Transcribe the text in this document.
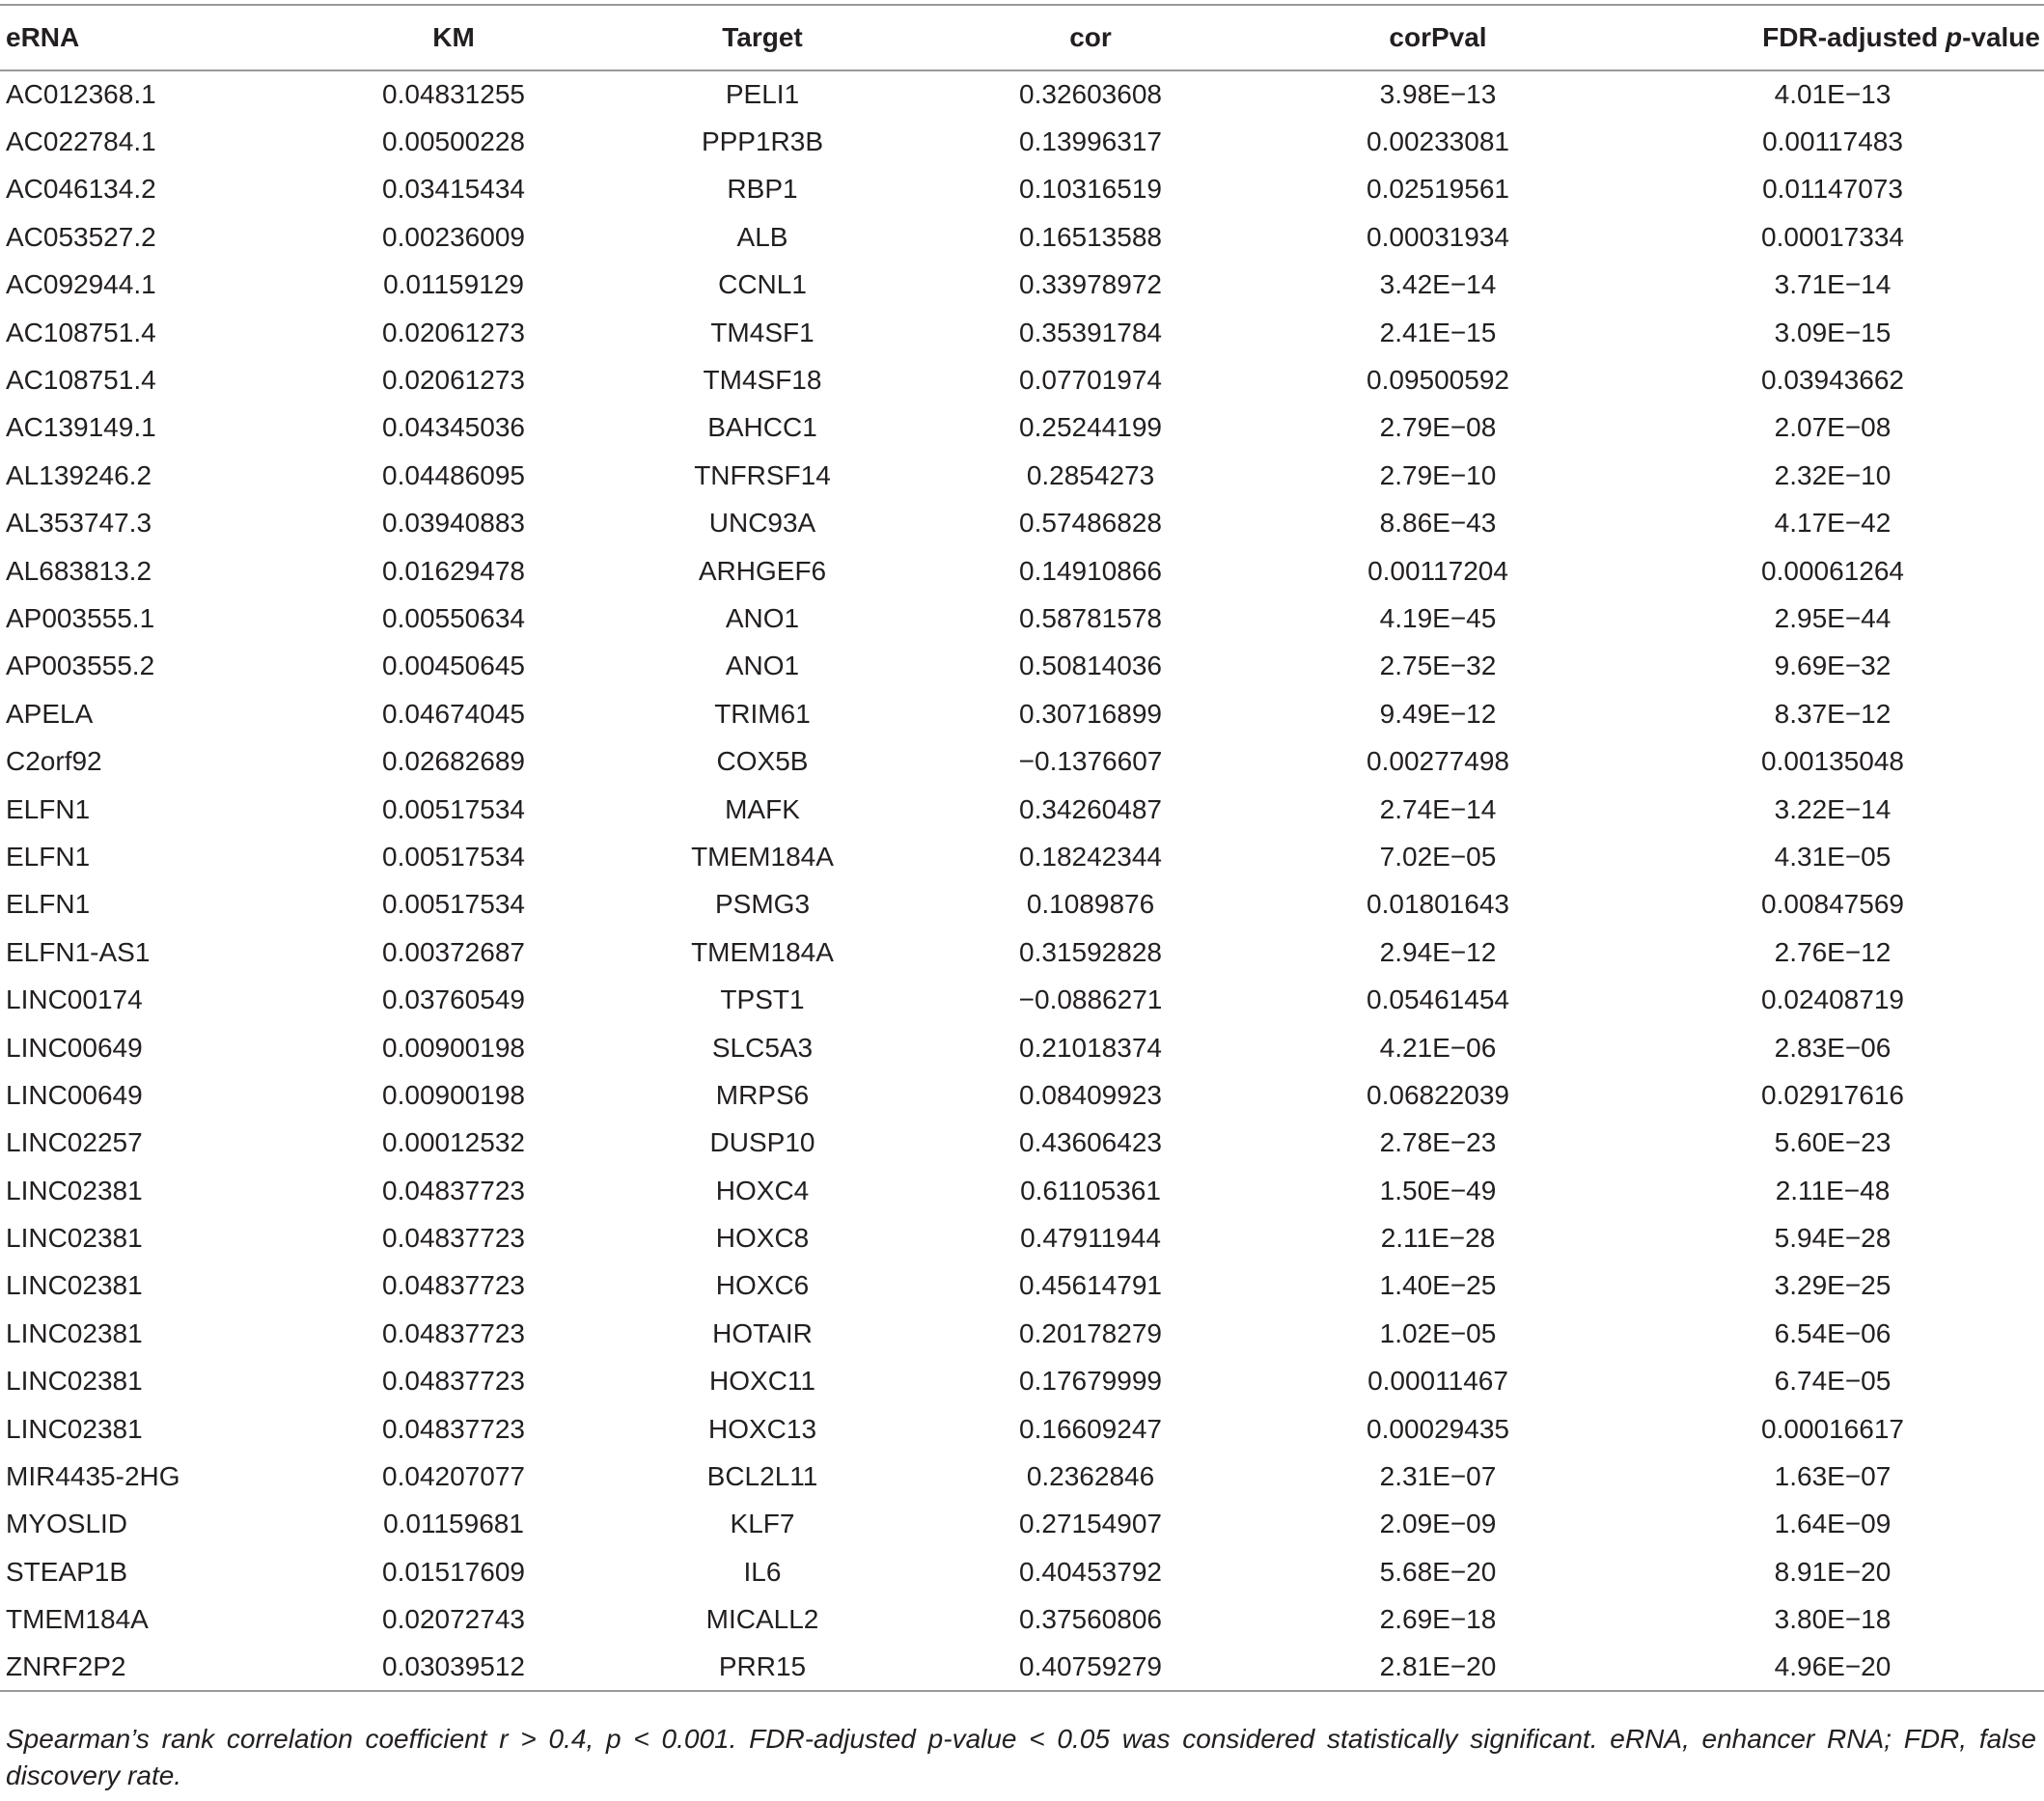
eRNA	KM	Target	cor	corPval	FDR-adjusted p-value
AC012368.1	0.04831255	PELI1	0.32603608	3.98E−13	4.01E−13
AC022784.1	0.00500228	PPP1R3B	0.13996317	0.00233081	0.00117483
AC046134.2	0.03415434	RBP1	0.10316519	0.02519561	0.01147073
AC053527.2	0.00236009	ALB	0.16513588	0.00031934	0.00017334
AC092944.1	0.01159129	CCNL1	0.33978972	3.42E−14	3.71E−14
AC108751.4	0.02061273	TM4SF1	0.35391784	2.41E−15	3.09E−15
AC108751.4	0.02061273	TM4SF18	0.07701974	0.09500592	0.03943662
AC139149.1	0.04345036	BAHCC1	0.25244199	2.79E−08	2.07E−08
AL139246.2	0.04486095	TNFRSF14	0.2854273	2.79E−10	2.32E−10
AL353747.3	0.03940883	UNC93A	0.57486828	8.86E−43	4.17E−42
AL683813.2	0.01629478	ARHGEF6	0.14910866	0.00117204	0.00061264
AP003555.1	0.00550634	ANO1	0.58781578	4.19E−45	2.95E−44
AP003555.2	0.00450645	ANO1	0.50814036	2.75E−32	9.69E−32
APELA	0.04674045	TRIM61	0.30716899	9.49E−12	8.37E−12
C2orf92	0.02682689	COX5B	−0.1376607	0.00277498	0.00135048
ELFN1	0.00517534	MAFK	0.34260487	2.74E−14	3.22E−14
ELFN1	0.00517534	TMEM184A	0.18242344	7.02E−05	4.31E−05
ELFN1	0.00517534	PSMG3	0.1089876	0.01801643	0.00847569
ELFN1-AS1	0.00372687	TMEM184A	0.31592828	2.94E−12	2.76E−12
LINC00174	0.03760549	TPST1	−0.0886271	0.05461454	0.02408719
LINC00649	0.00900198	SLC5A3	0.21018374	4.21E−06	2.83E−06
LINC00649	0.00900198	MRPS6	0.08409923	0.06822039	0.02917616
LINC02257	0.00012532	DUSP10	0.43606423	2.78E−23	5.60E−23
LINC02381	0.04837723	HOXC4	0.61105361	1.50E−49	2.11E−48
LINC02381	0.04837723	HOXC8	0.47911944	2.11E−28	5.94E−28
LINC02381	0.04837723	HOXC6	0.45614791	1.40E−25	3.29E−25
LINC02381	0.04837723	HOTAIR	0.20178279	1.02E−05	6.54E−06
LINC02381	0.04837723	HOXC11	0.17679999	0.00011467	6.74E−05
LINC02381	0.04837723	HOXC13	0.16609247	0.00029435	0.00016617
MIR4435-2HG	0.04207077	BCL2L11	0.2362846	2.31E−07	1.63E−07
MYOSLID	0.01159681	KLF7	0.27154907	2.09E−09	1.64E−09
STEAP1B	0.01517609	IL6	0.40453792	5.68E−20	8.91E−20
TMEM184A	0.02072743	MICALL2	0.37560806	2.69E−18	3.80E−18
ZNRF2P2	0.03039512	PRR15	0.40759279	2.81E−20	4.96E−20
Spearman’s rank correlation coefficient r > 0.4, p < 0.001. FDR-adjusted p-value < 0.05 was considered statistically significant. eRNA, enhancer RNA; FDR, false discovery rate.
